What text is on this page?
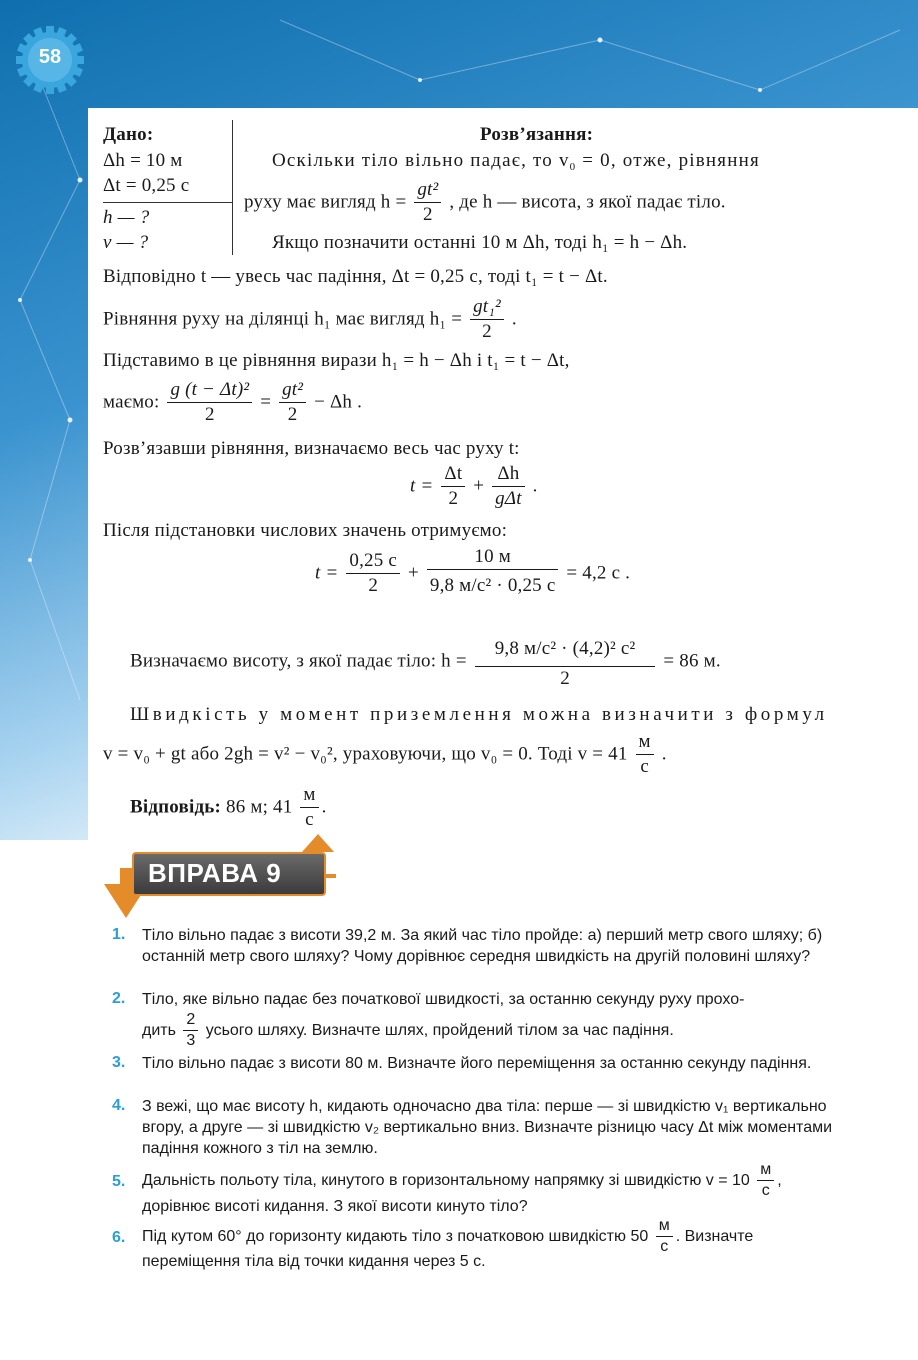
58
Дано:
Δh = 10 м
Δt = 0,25 с
h — ?
v — ?
Розв’язання:
Оскільки тіло вільно падає, то $v_0 = 0$, отже, рівняння
руху має вигляд $h = \frac{\text{gt²}}{2}$ , де h — висота, з якої падає тіло.
Якщо позначити останні 10 м Δh, тоді h₁ = h − Δh.
Відповідно t — увесь час падіння, Δt = 0,25 с, тоді t₁ = t − Δt.
Рівняння руху на ділянці h₁ має вигляд $h_1 = \frac{\text{gt₁²}}{2}$ .
Підставимо в це рівняння вирази h₁ = h − Δh і t₁ = t − Δt,
маємо: $\frac{\text{g (t − Δt)²}}{2} = \frac{\text{gt²}}{2} - \Delta h$ .
Розв’язавши рівняння, визначаємо весь час руху t:
$t = \frac{\Delta t}{2} + \frac{\Delta h}{\text{gΔt}}$ .
Після підстановки числових значень отримуємо:
$t = \frac{0,25 с}{2} + \frac{10 м}{\text{9,8 м/с² · 0,25 с}} = 4,2$ с .
Визначаємо висоту, з якої падає тіло: $h = \frac{\text{9,8 м/с² · (4,2)² с²}}{2} = 86$ м.
Швидкість у момент приземлення можна визначити з формул
v = v₀ + gt або 2gh = v² − v₀², ураховуючи, що v₀ = 0. Тоді $v = 41 \frac{м}{с}$ .
Відповідь: 86 м; $41 \frac{м}{с}$ .
ВПРАВА 9
1. Тіло вільно падає з висоти 39,2 м. За який час тіло пройде: а) перший метр свого шляху; б) останній метр свого шляху? Чому дорівнює середня швидкість на другій половині шляху?
2. Тіло, яке вільно падає без початкової швидкості, за останню секунду руху прохо-
дить $\frac{2}{3}$ усього шляху. Визначте шлях, пройдений тілом за час падіння.
3. Тіло вільно падає з висоти 80 м. Визначте його переміщення за останню секунду падіння.
4. З вежі, що має висоту h, кидають одночасно два тіла: перше — зі швидкістю v₁ вертикально вгору, а друге — зі швидкістю v₂ вертикально вниз. Визначте різницю часу Δt між моментами падіння кожного з тіл на землю.
5. Дальність польоту тіла, кинутого в горизонтальному напрямку зі швидкістю $v = 10 \frac{м}{с}$ ,
дорівнює висоті кидання. З якої висоти кинуто тіло?
6. Під кутом 60° до горизонту кидають тіло з початковою швидкістю $50 \frac{м}{с}$ . Визначте
переміщення тіла від точки кидання через 5 с.
